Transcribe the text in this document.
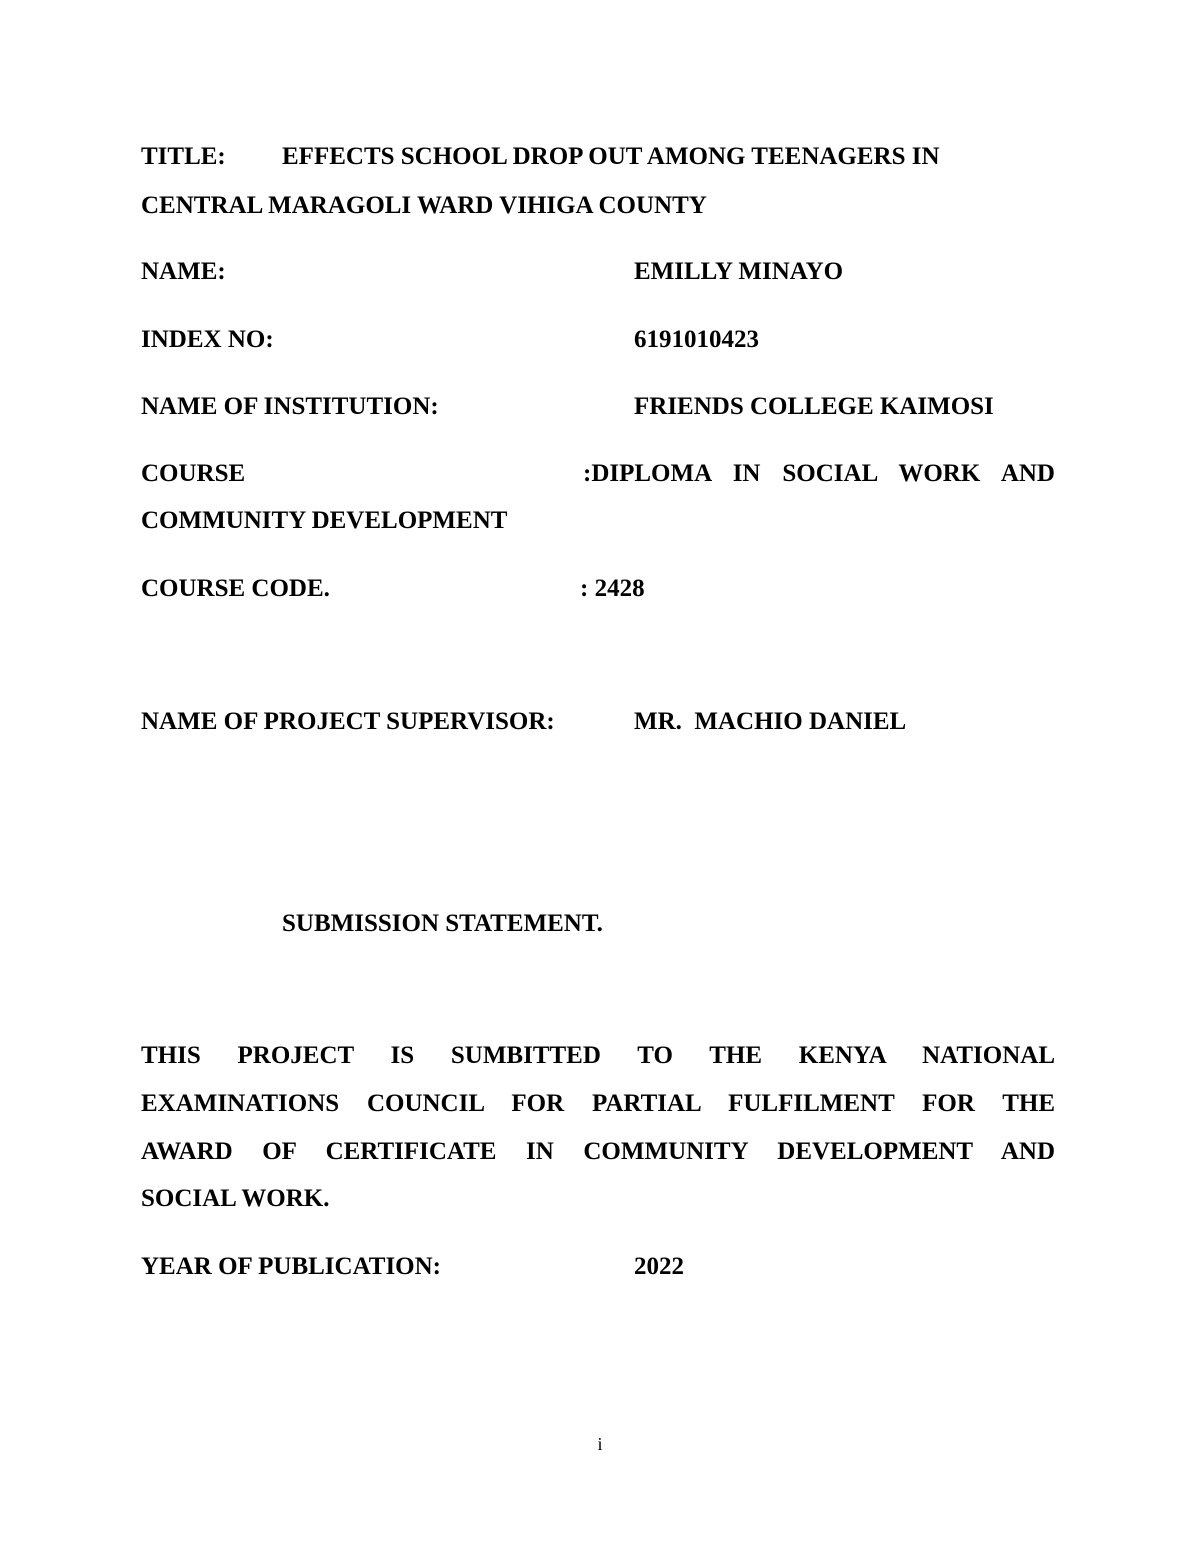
TITLE: EFFECTS SCHOOL DROP OUT AMONG TEENAGERS IN
CENTRAL MARAGOLI WARD VIHIGA COUNTY
NAME:	EMILLY MINAYO
INDEX NO:	6191010423
NAME OF INSTITUTION:	FRIENDS COLLEGE KAIMOSI
COURSE	:DIPLOMA IN SOCIAL WORK AND
COMMUNITY DEVELOPMENT
COURSE CODE.	: 2428
NAME OF PROJECT SUPERVISOR:	MR.  MACHIO DANIEL
SUBMISSION STATEMENT.
THIS PROJECT IS SUMBITTED TO THE KENYA NATIONAL
EXAMINATIONS COUNCIL FOR PARTIAL FULFILMENT FOR THE
AWARD OF CERTIFICATE IN COMMUNITY DEVELOPMENT AND
SOCIAL WORK.
YEAR OF PUBLICATION:	2022
i
